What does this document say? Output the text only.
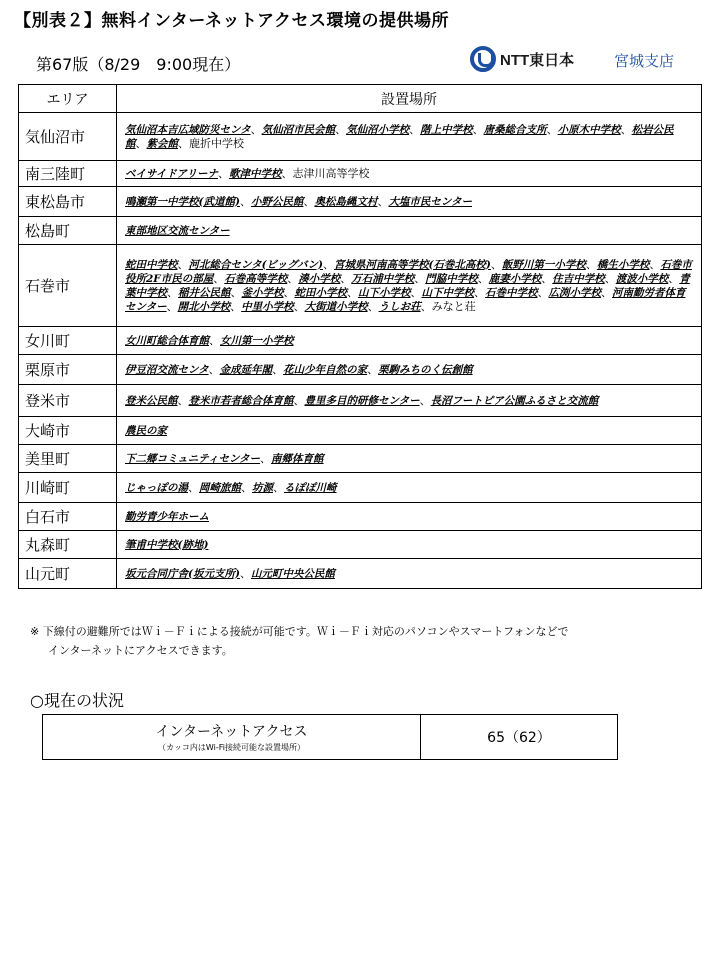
【別表２】無料インターネットアクセス環境の提供場所
第67版（8/29　9:00現在）	NTT東日本	宮城支店
エリア	設置場所
気仙沼市	気仙沼本吉広域防災センタ、気仙沼市民会館、気仙沼小学校、階上中学校、唐桑総合支所、小原木中学校、松岩公民館、紫会館、鹿折中学校
南三陸町	ベイサイドアリーナ、歌津中学校、志津川高等学校
東松島市	鳴瀬第一中学校(武道館)、小野公民館、奥松島縄文村、大塩市民センター
松島町	東部地区交流センター
石巻市	蛇田中学校、河北総合センタ(ビッグバン)、宮城県河南高等学校(石巻北高校)、飯野川第一小学校、橋生小学校、石巻市役所2F市民の部屋、石巻高等学校、湊小学校、万石浦中学校、門脇中学校、鹿妻小学校、住吉中学校、渡波小学校、青葉中学校、稲井公民館、釜小学校、蛇田小学校、山下小学校、山下中学校、石巻中学校、広渕小学校、河南勤労者体育センター、開北小学校、中里小学校、大街道小学校、うしお荘、みなと荘
女川町	女川町総合体育館、女川第一小学校
栗原市	伊豆沼交流センタ、金成延年閣、花山少年自然の家、栗駒みちのく伝創館
登米市	登米公民館、登米市若者総合体育館、豊里多目的研修センター、長沼フートピア公園ふるさと交流館
大崎市	農民の家
美里町	下二郷コミュニティセンター、南郷体育館
川崎町	じゃっぽの湯、岡崎旅館、坊源、るぽぽ川崎
白石市	勤労青少年ホーム
丸森町	筆甫中学校(跡地)
山元町	坂元合同庁舎(坂元支所)、山元町中央公民館
※ 下線付の避難所ではＷｉ－Ｆｉによる接続が可能です。Ｗｉ－Ｆｉ対応のパソコンやスマートフォンなどで
インターネットにアクセスできます。
○現在の状況
インターネットアクセス
（カッコ内はWi-Fi接続可能な設置場所）
	65（62）
